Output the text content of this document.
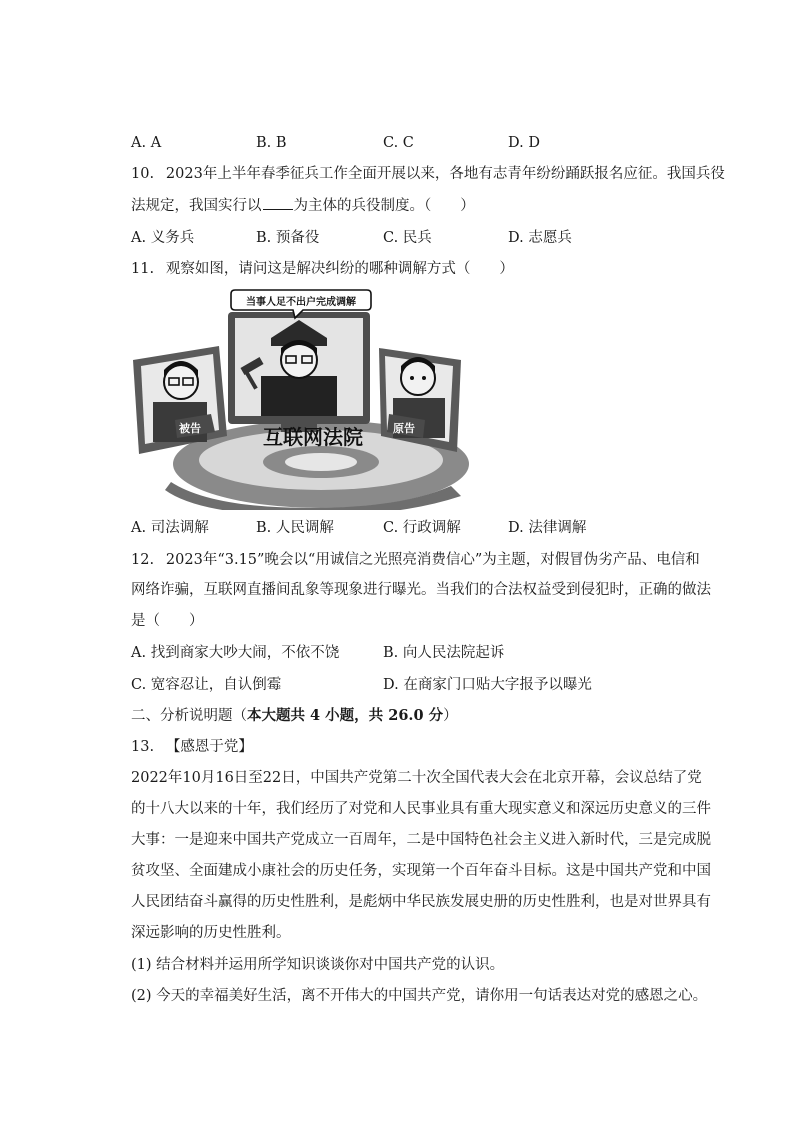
A. A	B. B	C. C	D. D
10.  2023年上半年春季征兵工作全面开展以来，各地有志青年纷纷踊跃报名应征。我国兵役
法规定，我国实行以 为主体的兵役制度。（　　）
A. 义务兵	B. 预备役	C. 民兵	D. 志愿兵
11.  观察如图，请问这是解决纠纷的哪种调解方式（　　）
被告	原告
当事人足不出户完成调解
互联网法院
A. 司法调解	B. 人民调解	C. 行政调解	D. 法律调解
12.  2023年“3.15”晚会以“用诚信之光照亮消费信心”为主题，对假冒伪劣产品、电信和
网络诈骗，互联网直播间乱象等现象进行曝光。当我们的合法权益受到侵犯时，正确的做法
是（　　）
A. 找到商家大吵大闹，不依不饶	B. 向人民法院起诉
C. 宽容忍让，自认倒霉	D. 在商家门口贴大字报予以曝光
二、分析说明题（本大题共 4 小题，共 26.0 分）
13.  【感恩于党】
2022年10月16日至22日，中国共产党第二十次全国代表大会在北京开幕，会议总结了党
的十八大以来的十年，我们经历了对党和人民事业具有重大现实意义和深远历史意义的三件
大事：一是迎来中国共产党成立一百周年，二是中国特色社会主义进入新时代，三是完成脱
贫攻坚、全面建成小康社会的历史任务，实现第一个百年奋斗目标。这是中国共产党和中国
人民团结奋斗赢得的历史性胜利，是彪炳中华民族发展史册的历史性胜利，也是对世界具有
深远影响的历史性胜利。
(1) 结合材料并运用所学知识谈谈你对中国共产党的认识。
(2) 今天的幸福美好生活，离不开伟大的中国共产党，请你用一句话表达对党的感恩之心。
